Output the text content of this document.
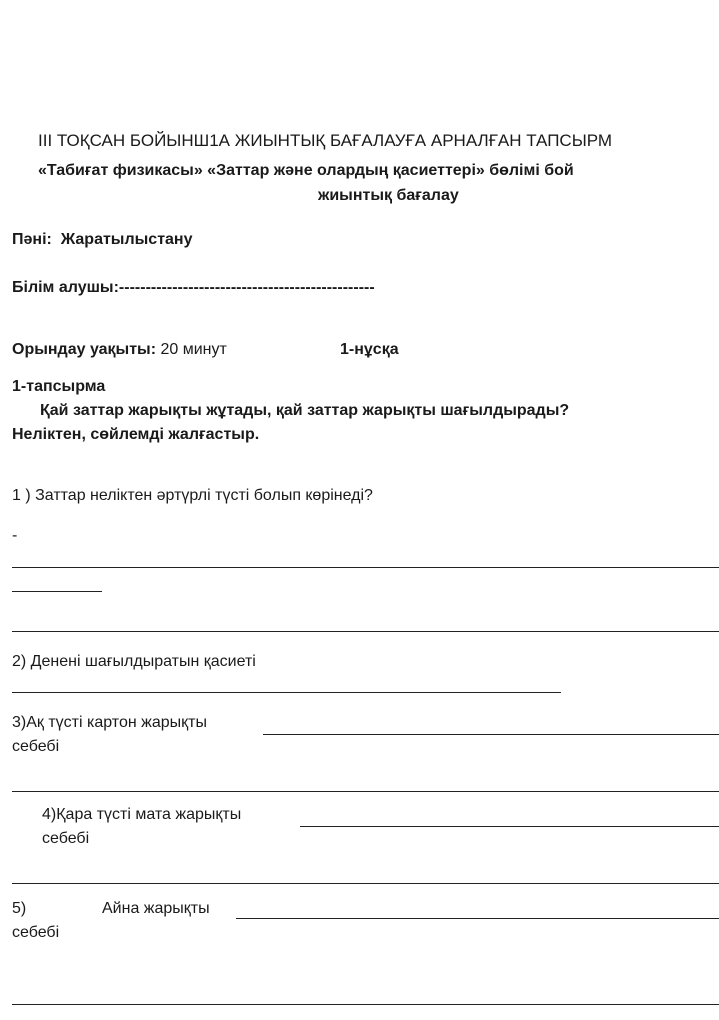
III ТОҚСАН БОЙЫНШ1А ЖИЫНТЫҚ БАҒАЛАУҒА АРНАЛҒАН ТАПСЫРМ
«Табиғат физикасы» «Заттар және олардың қасиеттері» бөлімі бой
жиынтық бағалау
Пәні: Жаратылыстану
Білім алушы:------------------------------------------------
Орындау уақыты: 20 минут	1-нұсқа
1-тапсырма
Қай заттар жарықты жұтады, қай заттар жарықты шағылдырады?
Неліктен, сөйлемді жалғастыр.
1 ) Заттар неліктен әртүрлі түсті болып көрінеді?
-
2) Денені шағылдыратын қасиеті
3)Ақ түсті картон жарықты
себебі
4)Қара түсті мата жарықты
себебі
5)	Айна жарықты
себебі
